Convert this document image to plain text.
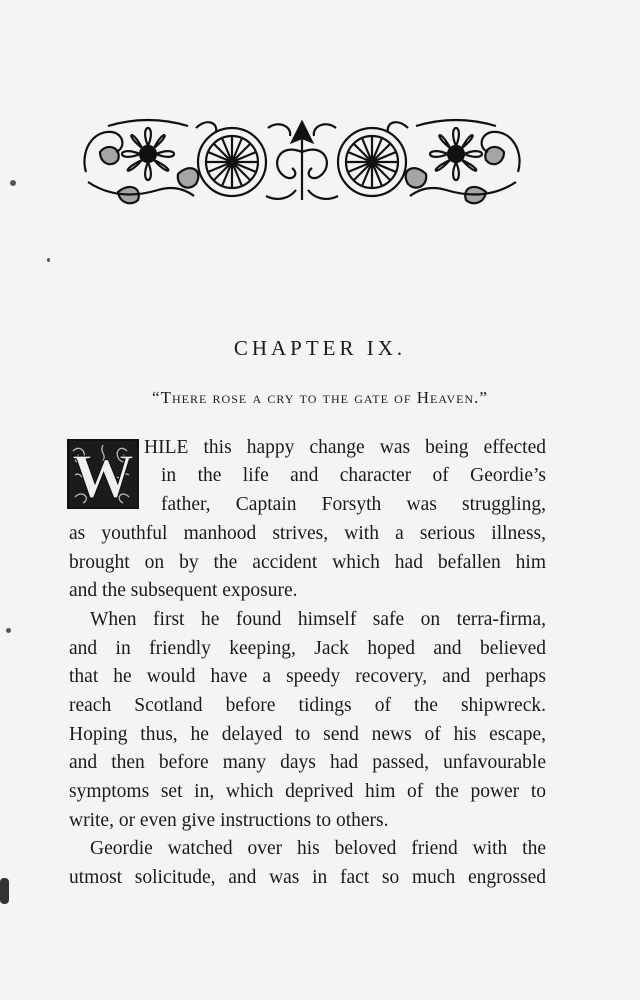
CHAPTER IX.
“There rose a cry to the gate of Heaven.”
W HILE this happy change was being effected
in the life and character of Geordie’s
father, Captain Forsyth was struggling,
as youthful manhood strives, with a serious illness,
brought on by the accident which had befallen him
and the subsequent exposure.
When first he found himself safe on terra-firma,
and in friendly keeping, Jack hoped and believed
that he would have a speedy recovery, and perhaps
reach Scotland before tidings of the shipwreck.
Hoping thus, he delayed to send news of his escape,
and then before many days had passed, unfavourable
symptoms set in, which deprived him of the power to
write, or even give instructions to others.
Geordie watched over his beloved friend with the
utmost solicitude, and was in fact so much engrossed
